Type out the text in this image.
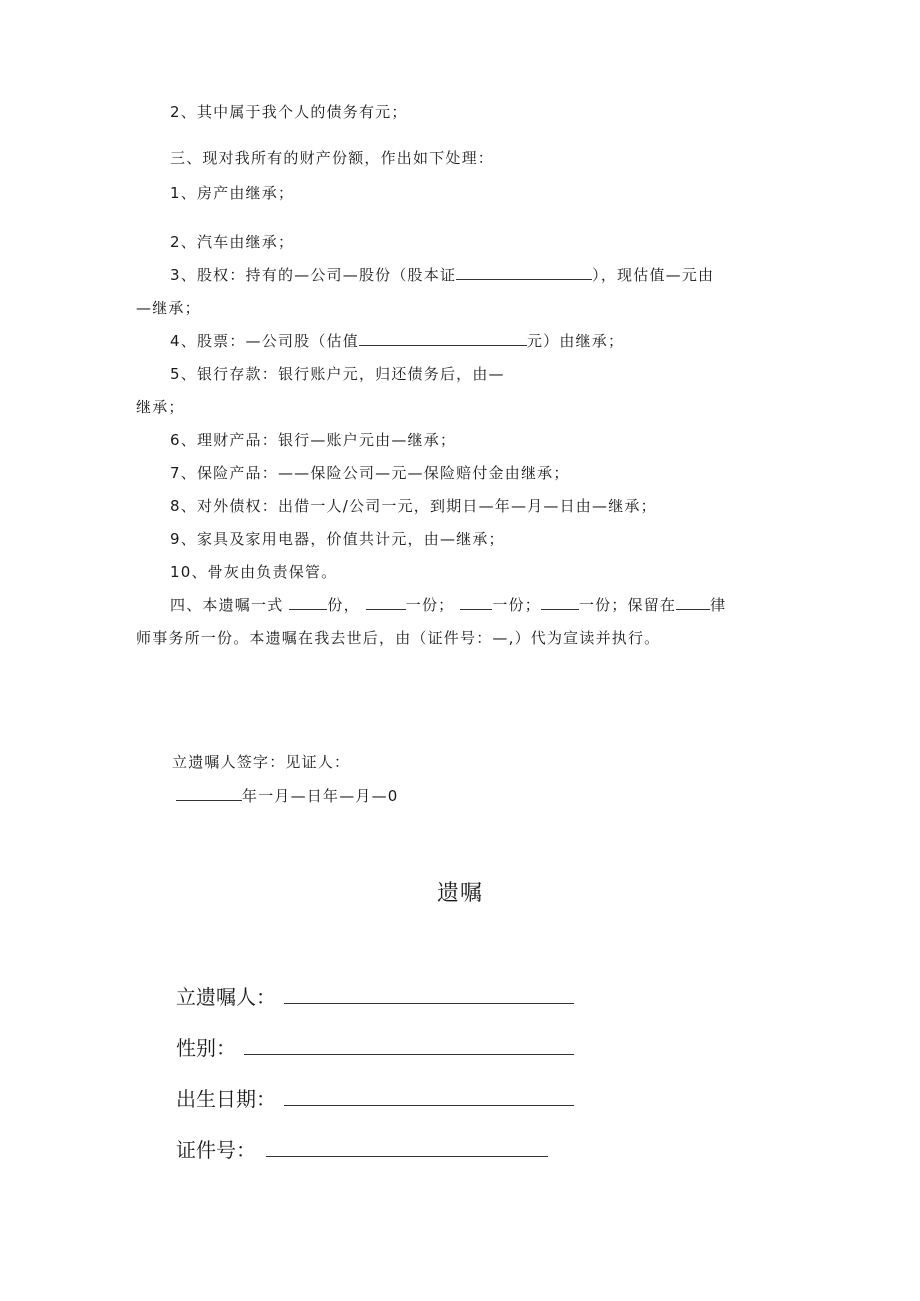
2、其中属于我个人的债务有元；
三、现对我所有的财产份额，作出如下处理：
1、房产由继承；
2、汽车由继承；
3、股权：持有的—公司—股份（股本证	），现估值—元由
—继承；
4、股票：—公司股（估值	元）由继承；
5、银行存款：银行账户元，归还债务后，由—
继承；
6、理财产品：银行—账户元由—继承；
7、保险产品：——保险公司—元—保险赔付金由继承；
8、对外债权：出借一人/公司一元，到期日—年—月—日由—继承；
9、家具及家用电器，价值共计元，由—继承；
10、骨灰由负责保管。
四、本遗嘱一式	份，	一份；	一份；	一份；保留在 律
师事务所一份。本遗嘱在我去世后，由（证件号：—,）代为宣读并执行。
立遗嘱人签字：见证人：
年一月—日年—月—0
遗嘱
立遗嘱人：
性别：
出生日期：
证件号：
